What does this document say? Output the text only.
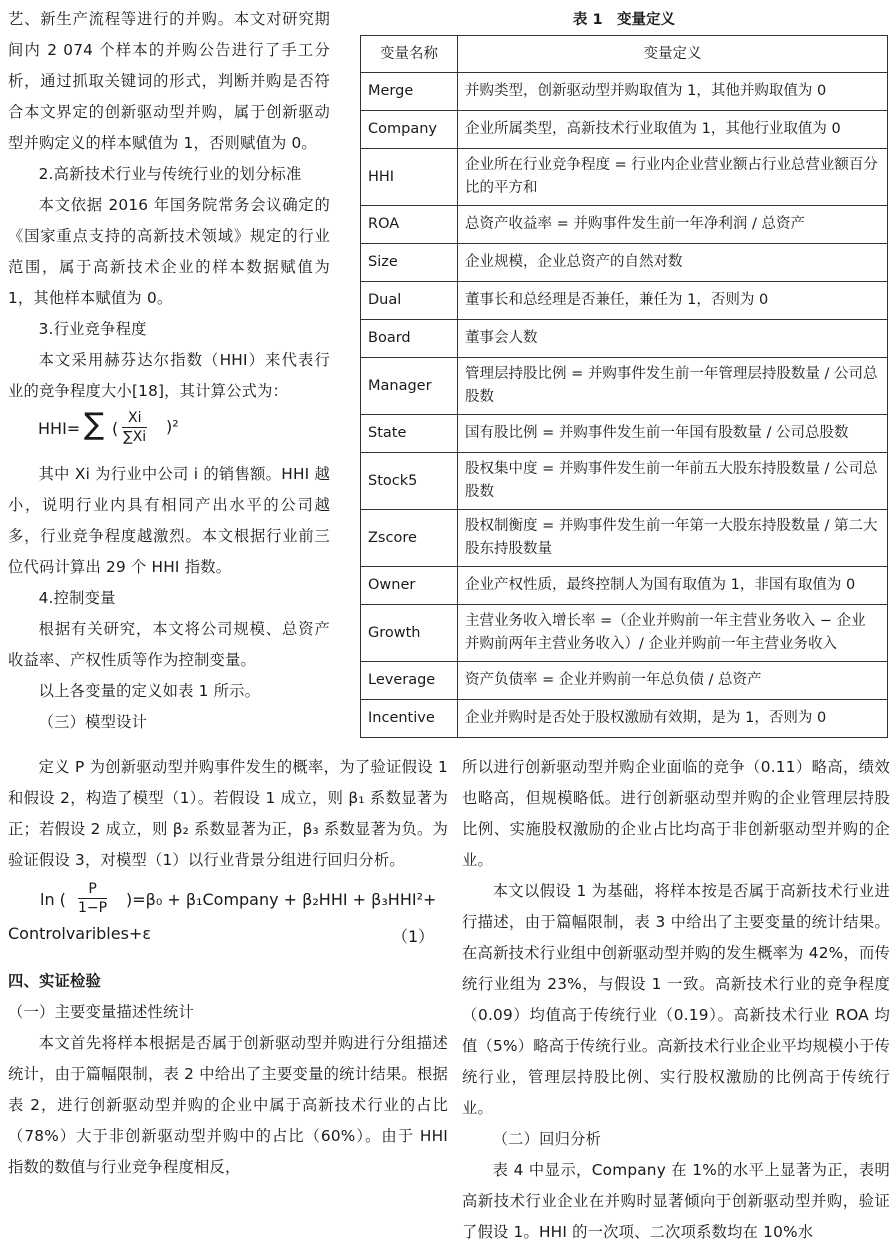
艺、新生产流程等进行的并购。本文对研究期间内 2 074 个样本的并购公告进行了手工分析，通过抓取关键词的形式，判断并购是否符合本文界定的创新驱动型并购，属于创新驱动型并购定义的样本赋值为 1，否则赋值为 0。

2.高新技术行业与传统行业的划分标准

本文依据 2016 年国务院常务会议确定的《国家重点支持的高新技术领域》规定的行业范围，属于高新技术企业的样本数据赋值为 1，其他样本赋值为 0。

3.行业竞争程度

本文采用赫芬达尔指数（HHI）来代表行业的竞争程度大小[18]，其计算公式为：

HHI= ∑ ( $\frac{Xi}{\sum Xi} )^2$

其中 Xi 为行业中公司 i 的销售额。HHI 越小，说明行业内具有相同产出水平的公司越多，行业竞争程度越激烈。本文根据行业前三位代码计算出 29 个 HHI 指数。

4.控制变量

根据有关研究，本文将公司规模、总资产收益率、产权性质等作为控制变量。

以上各变量的定义如表 1 所示。

（三）模型设计

表 1　变量定义
变量名称	变量定义
Merge	并购类型，创新驱动型并购取值为 1，其他并购取值为 0
Company	企业所属类型，高新技术行业取值为 1，其他行业取值为 0
HHI	企业所在行业竞争程度 = 行业内企业营业额占行业总营业额百分比的平方和
ROA	总资产收益率 = 并购事件发生前一年净利润 / 总资产
Size	企业规模，企业总资产的自然对数
Dual	董事长和总经理是否兼任，兼任为 1，否则为 0
Board	董事会人数
Manager	管理层持股比例 = 并购事件发生前一年管理层持股数量 / 公司总股数
State	国有股比例 = 并购事件发生前一年国有股数量 / 公司总股数
Stock5	股权集中度 = 并购事件发生前一年前五大股东持股数量 / 公司总股数
Zscore	股权制衡度 = 并购事件发生前一年第一大股东持股数量 / 第二大股东持股数量
Owner	企业产权性质，最终控制人为国有取值为 1，非国有取值为 0
Growth	主营业务收入增长率 =（企业并购前一年主营业务收入 − 企业并购前两年主营业务收入）/ 企业并购前一年主营业务收入
Leverage	资产负债率 = 企业并购前一年总负债 / 总资产
Incentive	企业并购时是否处于股权激励有效期，是为 1，否则为 0

定义 P 为创新驱动型并购事件发生的概率，为了验证假设 1 和假设 2，构造了模型（1）。若假设 1 成立，则 β₁ 系数显著为正；若假设 2 成立，则 β₂ 系数显著为正，β₃ 系数显著为负。为验证假设 3，对模型（1）以行业背景分组进行回归分析。

ln ( $\frac{P}{1-P} )=\beta_0$ + β₁Company + β₂HHI + β₃HHI²+
Controlvaribles+ε	（1）

四、实证检验

（一）主要变量描述性统计

本文首先将样本根据是否属于创新驱动型并购进行分组描述统计，由于篇幅限制，表 2 中给出了主要变量的统计结果。根据表 2，进行创新驱动型并购的企业中属于高新技术行业的占比（78%）大于非创新驱动型并购中的占比（60%）。由于 HHI 指数的数值与行业竞争程度相反，

所以进行创新驱动型并购企业面临的竞争（0.11）略高，绩效也略高，但规模略低。进行创新驱动型并购的企业管理层持股比例、实施股权激励的企业占比均高于非创新驱动型并购的企业。

本文以假设 1 为基础，将样本按是否属于高新技术行业进行描述，由于篇幅限制，表 3 中给出了主要变量的统计结果。在高新技术行业组中创新驱动型并购的发生概率为 42%，而传统行业组为 23%，与假设 1 一致。高新技术行业的竞争程度（0.09）均值高于传统行业（0.19）。高新技术行业 ROA 均值（5%）略高于传统行业。高新技术行业企业平均规模小于传统行业，管理层持股比例、实行股权激励的比例高于传统行业。

（二）回归分析

表 4 中显示，Company 在 1%的水平上显著为正，表明高新技术行业企业在并购时显著倾向于创新驱动型并购，验证了假设 1。HHI 的一次项、二次项系数均在 10%水
